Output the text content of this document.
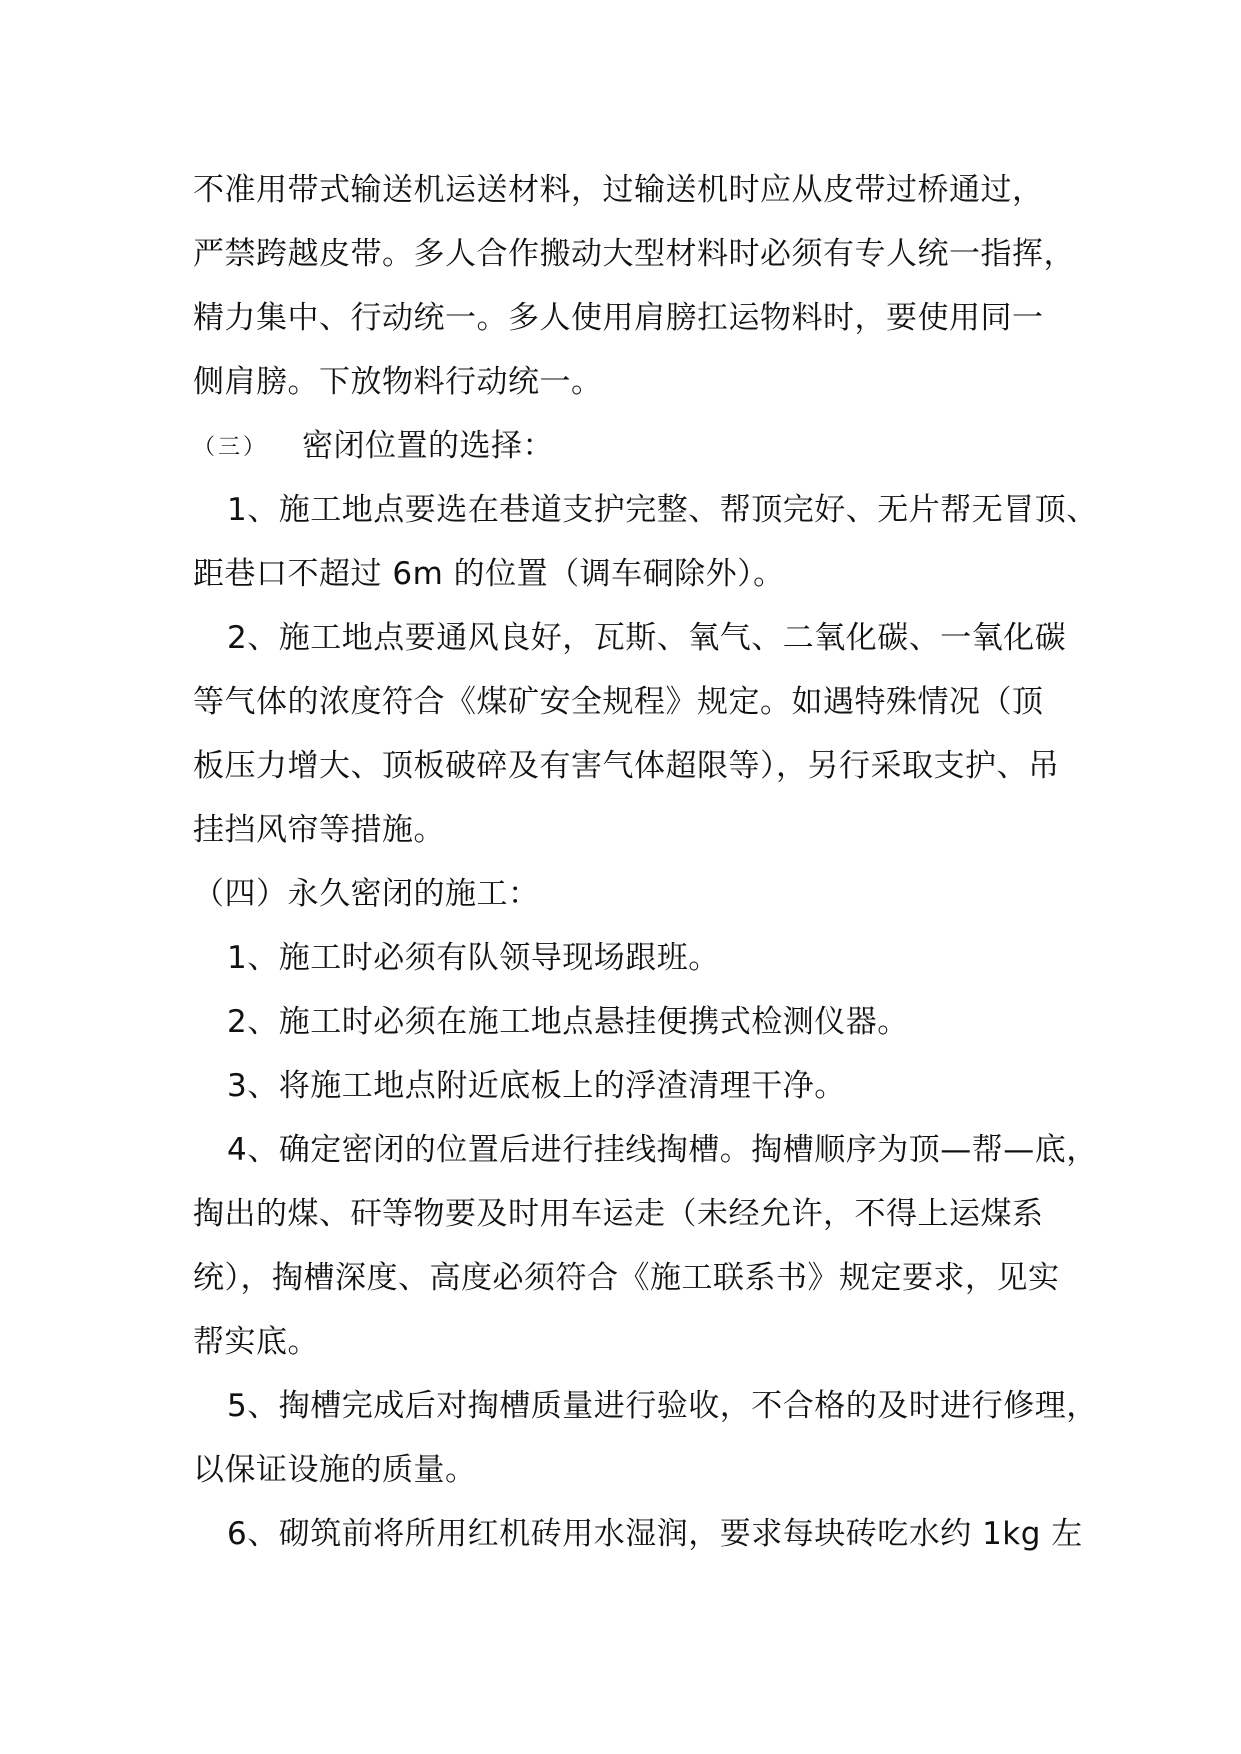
不准用带式输送机运送材料，过输送机时应从皮带过桥通过，
严禁跨越皮带。多人合作搬动大型材料时必须有专人统一指挥，
精力集中、行动统一。多人使用肩膀扛运物料时，要使用同一
侧肩膀。下放物料行动统一。
（三） 密闭位置的选择：
1、施工地点要选在巷道支护完整、帮顶完好、无片帮无冒顶、
距巷口不超过 6m 的位置（调车硐除外）。
2、施工地点要通风良好，瓦斯、氧气、二氧化碳、一氧化碳
等气体的浓度符合《煤矿安全规程》规定。如遇特殊情况（顶
板压力增大、顶板破碎及有害气体超限等），另行采取支护、吊
挂挡风帘等措施。
（四）永久密闭的施工：
1、施工时必须有队领导现场跟班。
2、施工时必须在施工地点悬挂便携式检测仪器。
3、将施工地点附近底板上的浮渣清理干净。
4、确定密闭的位置后进行挂线掏槽。掏槽顺序为顶—帮—底，
掏出的煤、矸等物要及时用车运走（未经允许，不得上运煤系
统），掏槽深度、高度必须符合《施工联系书》规定要求，见实
帮实底。
5、掏槽完成后对掏槽质量进行验收，不合格的及时进行修理，
以保证设施的质量。
6、砌筑前将所用红机砖用水湿润，要求每块砖吃水约 1kg 左
